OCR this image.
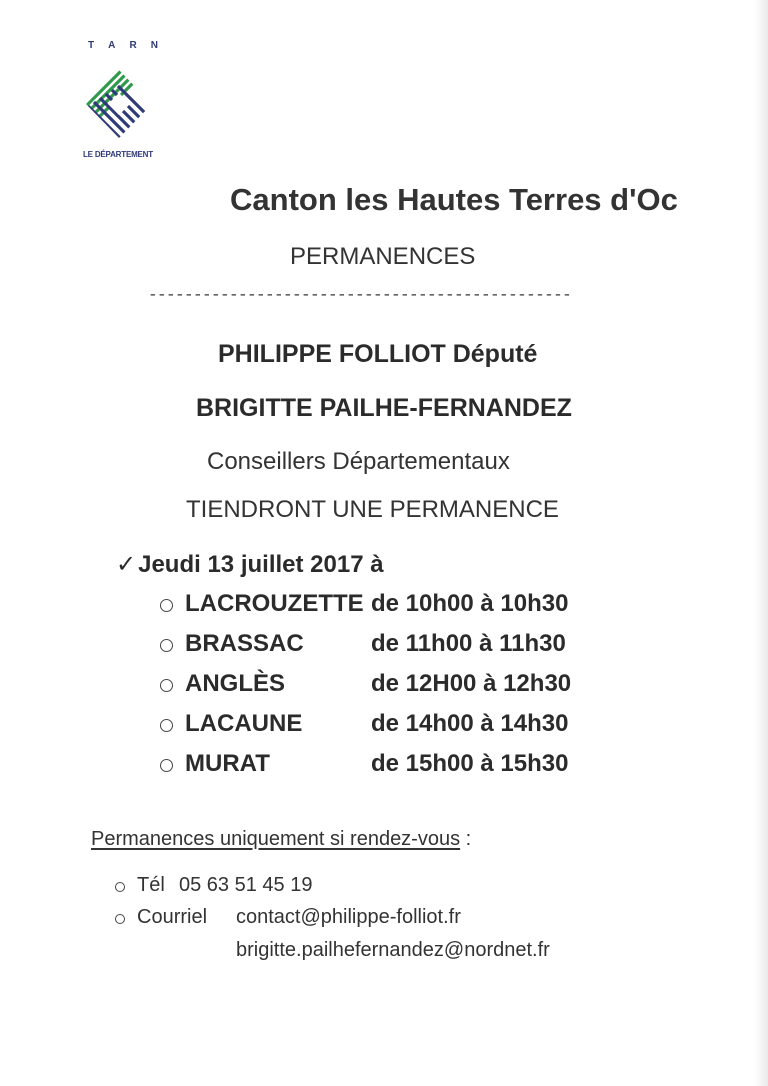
T A R N
LE DÉPARTEMENT
Canton les Hautes Terres d'Oc
PERMANENCES
-----------------------------------------------
PHILIPPE FOLLIOT Député
BRIGITTE PAILHE-FERNANDEZ
Conseillers Départementaux
TIENDRONT UNE PERMANENCE
✓Jeudi 13 juillet 2017 à
LACROUZETTE de 10h00 à 10h30
BRASSAC	de 11h00 à 11h30
ANGLÈS	de 12H00 à 12h30
LACAUNE	de 14h00 à 14h30
MURAT	de 15h00 à 15h30
Permanences uniquement si rendez-vous :
Tél 05 63 51 45 19
Courriel contact@philippe-folliot.fr
brigitte.pailhefernandez@nordnet.fr
